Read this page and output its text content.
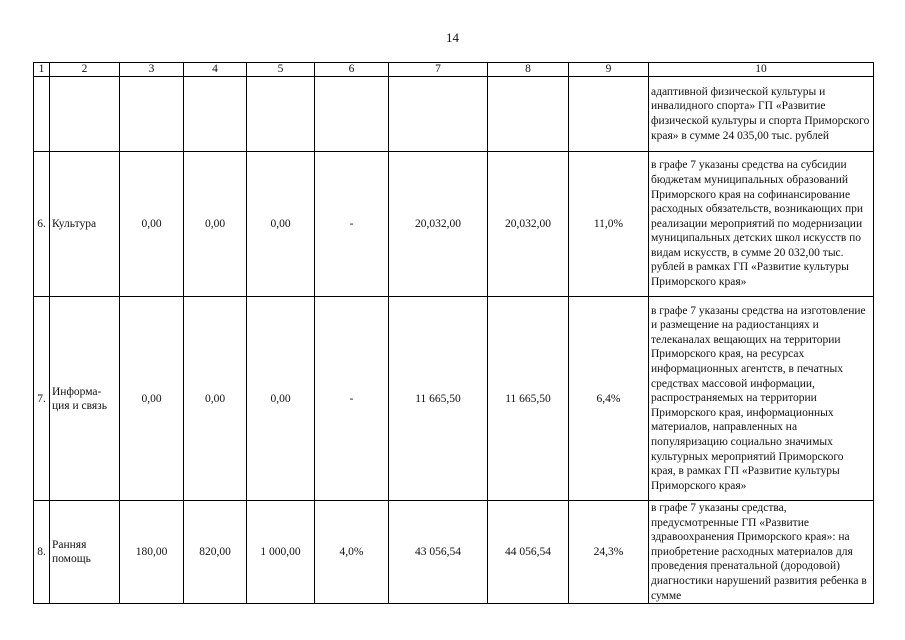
14
1	2	3	4	5	6	7	8	9	10
									адаптивной физической культуры и инвалидного спорта» ГП «Развитие физической культуры и спорта Приморского края» в сумме 24 035,00 тыс. рублей
6.	Культура	0,00	0,00	0,00	-	20,032,00	20,032,00	11,0%	в графе 7 указаны средства на субсидии бюджетам муниципальных образований Приморского края на софинансирование расходных обязательств, возникающих при реализации мероприятий по модернизации муниципальных детских школ искусств по видам искусств, в сумме 20 032,00 тыс. рублей в рамках ГП «Развитие культуры Приморского края»
7.	Информа- ция и связь	0,00	0,00	0,00	-	11 665,50	11 665,50	6,4%	в графе 7 указаны средства на изготовление и размещение на радиостанциях и телеканалах вещающих на территории Приморского края, на ресурсах информационных агентств, в печатных средствах массовой информации, распространяемых на территории Приморского края, информационных материалов, направленных на популяризацию социально значимых культурных мероприятий Приморского края, в рамках ГП «Развитие культуры Приморского края»
8.	Ранняя помощь	180,00	820,00	1 000,00	4,0%	43 056,54	44 056,54	24,3%	в графе 7 указаны средства, предусмотренные ГП «Развитие здравоохранения Приморского края»: на приобретение расходных материалов для проведения пренатальной (дородовой) диагностики нарушений развития ребенка в сумме
